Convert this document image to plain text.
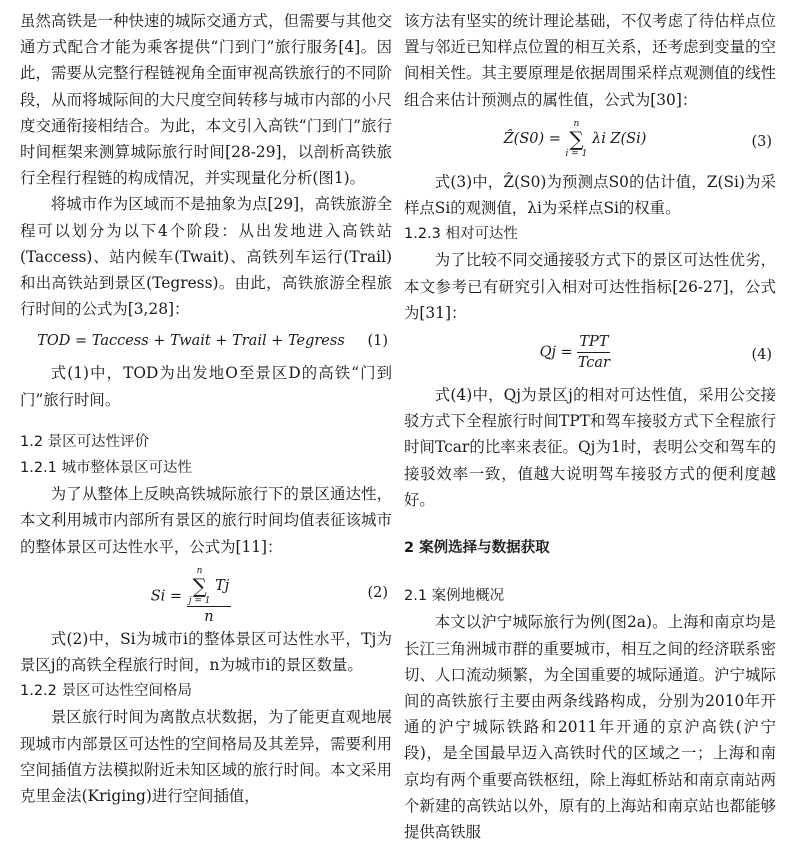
虽然高铁是一种快速的城际交通方式，但需要与其他交通方式配合才能为乘客提供“门到门”旅行服务[4]。因此，需要从完整行程链视角全面审视高铁旅行的不同阶段，从而将城际间的大尺度空间转移与城市内部的小尺度交通衔接相结合。为此，本文引入高铁“门到门”旅行时间框架来测算城际旅行时间[28-29]，以剖析高铁旅行全程行程链的构成情况，并实现量化分析(图1)。

将城市作为区域而不是抽象为点[29]，高铁旅游全程可以划分为以下4个阶段：从出发地进入高铁站(Taccess)、站内候车(Twait)、高铁列车运行(Trail)和出高铁站到景区(Tegress)。由此，高铁旅游全程旅行时间的公式为[3,28]：

TOD = Taccess + Twait + Trail + Tegress	(1)

式(1)中，TOD为出发地O至景区D的高铁“门到门”旅行时间。

1.2 景区可达性评价
1.2.1 城市整体景区可达性

为了从整体上反映高铁城际旅行下的景区通达性，本文利用城市内部所有景区的旅行时间均值表征该城市的整体景区可达性水平，公式为[11]：

Si = n
∑
j = 1
Tj
n	(2)

式(2)中，Si为城市i的整体景区可达性水平，Tj为景区j的高铁全程旅行时间，n为城市i的景区数量。

1.2.2 景区可达性空间格局

景区旅行时间为离散点状数据，为了能更直观地展现城市内部景区可达性的空间格局及其差异，需要利用空间插值方法模拟附近未知区域的旅行时间。本文采用克里金法(Kriging)进行空间插值，

该方法有坚实的统计理论基础，不仅考虑了待估样点位置与邻近已知样点位置的相互关系，还考虑到变量的空间相关性。其主要原理是依据周围采样点观测值的线性组合来估计预测点的属性值，公式为[30]：

Ẑ(S0) =
n
∑
i = 1
λi Z(Si)	(3)

式(3)中，Ẑ(S0)为预测点S0的估计值，Z(Si)为采样点Si的观测值，λi为采样点Si的权重。

1.2.3 相对可达性

为了比较不同交通接驳方式下的景区可达性优劣，本文参考已有研究引入相对可达性指标[26-27]，公式为[31]：

$Qj = \frac{\text{TPT}}{\text{Tcar}}$	(4)

式(4)中，Qj为景区j的相对可达性值，采用公交接驳方式下全程旅行时间TPT和驾车接驳方式下全程旅行时间Tcar的比率来表征。Qj为1时，表明公交和驾车的接驳效率一致，值越大说明驾车接驳方式的便利度越好。

2 案例选择与数据获取
2.1 案例地概况

本文以沪宁城际旅行为例(图2a)。上海和南京均是长江三角洲城市群的重要城市，相互之间的经济联系密切、人口流动频繁，为全国重要的城际通道。沪宁城际间的高铁旅行主要由两条线路构成，分别为2010年开通的沪宁城际铁路和2011年开通的京沪高铁(沪宁段)，是全国最早迈入高铁时代的区域之一；上海和南京均有两个重要高铁枢纽，除上海虹桥站和南京南站两个新建的高铁站以外，原有的上海站和南京站也都能够提供高铁服
